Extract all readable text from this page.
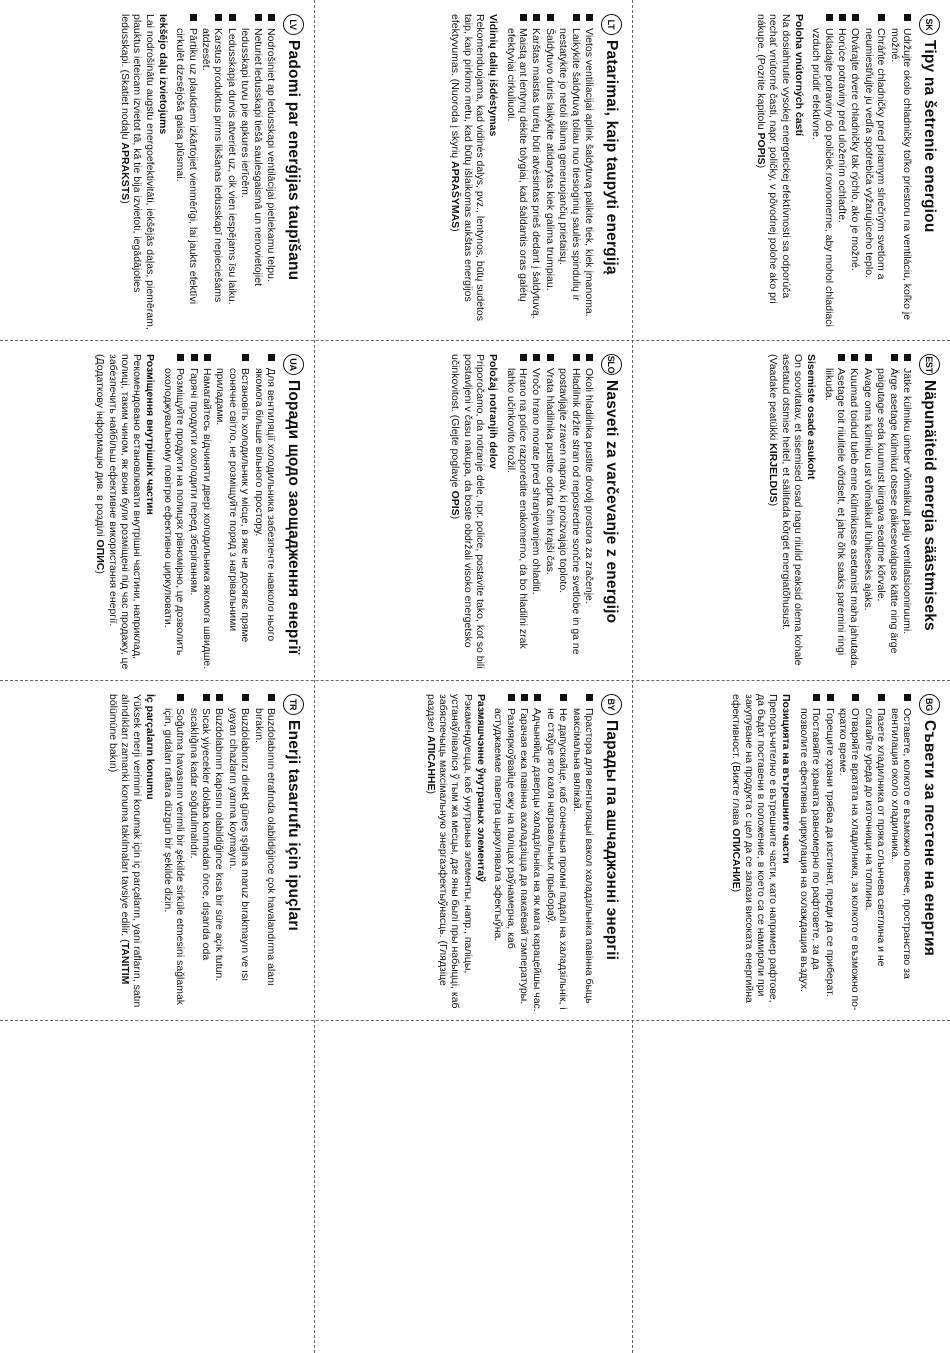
SK
Tipy na šetrenie energiou
Udržujte okolo chladničky toľko priestoru na ventiláciu, koľko je možné.
Chráňte chladničky pred priamym slnečným svetlom a neumiestňujte ju vedľa spotrebiča vyžarujúceho teplo.
Otvárajte dvere chladničky tak rýchlo, ako je možné.
Horúce potraviny pred uložením ochlaďte.
Ukladajte potraviny do poličiek rovnomerne, aby mohol chladiaci vzduch prúdiť efektívne.
Poloha vnútorných častí

Na dosiahnutie vysokej energetickej efektívnosti sa odporúča nechať vnútorné časti, napr. poličky, v pôvodnej polohe ako pri nákupe. (Pozrite kapitolu POPIS)

EST
Näpunäiteid energia säästmiseks
Jätke külmiku ümber võimalikult palju ventilatsiooniruumi.
Ärge asetage külmikut otsese päikesevalguse kätte ning ärge paigutage seda kuumust kiirgava seadme kõrvale.
Avage oma külmiku ust võimalikult lühikeseks ajaks.
Kuumad toidud tuleb enne külmikusse asetamist maha jahutada.
Asetage toit riiulitele võrdselt, et jahe õhk saaks paremini ringi liikuda.
Sisemiste osade asukoht

On soovitatav, et sisemised osad nagu riiulid peaksid olema kohale asetatud otsmise heitel, et säilitada kõrget energiatõhusust. (Vaadake peatükki KIRJELDUS)

BG
Съвети за пестене на енергия
Оставете, колкото е възможно повече, пространство за вентилация около хладилника.
Пазете хладилника от пряка слънчева светлина и не слагайте уреда до източници на топлина.
Отваряйте вратата на хладилника, за колкото е възможно по-кратко време.
Горещите храни трябва да изстинат, преди да се приберат.
Поставяйте храната равномерно по рафтовете, за да позволите ефективна циркулация на охлаждащия въздух.
Позицията на вътрешните части

Препоръчително е вътрешните части, като например рафтове, да бъдат поставени в положение, в което са се намирали при закупуване на продукта с цел да се запази високата енергийна ефективност. (Вижте глава ОПИСАНИЕ)

LT
Patarimai, kaip taupyti energiją
Vietos ventiliacijai aplink šaldytuvą palikite tiek, kiek įmanoma.
Laikykite šaldytuvą toliau nuo tiesioginių saulės spindulių ir nestatykite jo netoli šilumą generuojančių prietaisų.
Šaldytuvo duris laikykite atidarytas kiek galima trumpiau.
Karštas maistas turėtų būti atvėsintas prieš dedant į šaldytuvą.
Maistą ant lentynų dėkite tolygiai, kad šaldantis oras galėtų efektyviai cirkuliuoti.
Vidinių dalių išdėstymas

Rekomenduojama, kad vidinės dalys, pvz., lentynos, būtų sudėtos taip, kaip pirkimo metu, kad būtų išlaikomas aukštas energijos efektyvumas. (Nuoroda į skyrių APRAŠYMAS)

SLO
Nasveti za varčevanje z energijo
Okoli hladilnika pustite dovolj prostora za zračenje.
Hladilnik držite stran od neposredne sončne svetlobe in ga ne postavljajte zraven naprav, ki proizvajajo toploto.
Vrata hladilnika pustite odprta čim krajši čas.
Vročo hrano morate pred shranjevanjem ohladiti.
Hrano na police razporedite enakomerno, da bo hladilni zrak lahko učinkovito krožil.
Položaj notranjih delov

Priporočamo, da notranje dele, npr. police, postavite tako, kot so bili postavljeni v času nakupa, da boste obdržali visoko energetsko učinkovitost. (Glejte poglavje OPIS)

BY
Парады па ашчаджэнні энергіі
Прастора для вентыляцыі вакол халадзільніка павінна быць максімальна вялікай.
Не дапускайце, каб сонечныя промні падалі на халадзільнік, і не стаўце яго каля награвальных прыбораў.
Адчыняйце дзверцы халадзільніка на як мага карацейшы час.
Гарачая ежа павінна ахаладзіцца да пакаёвай тэмпературы.
Размяркоўвайце ежу на паліцах раўнамерна, каб астуджаемае паветра цыркулявала эфектыўна.
Размяшчэнне ўнутраных элементаў

Рэкамендуецца, каб унутраныя элементы, напр., паліцы, устанаўліваліся ў тым жа месцы, дзе яны былі пры набыцці, каб забяспечыць максімальную энергаэфектыўнасць. (Глядзіце раздзел АПІСАННЕ)

LV
Padomi par enerģijas taupīšanu
Nodrošiniet ap ledusskapi ventilācijai pietiekamu telpu.
Neturiet ledusskapi tiešā saulesgaismā un nenovietojiet ledusskapi tuvu pie apkures ierīcēm.
Ledusskapja durvis atveriet uz, cik vien iespējams īsu laiku.
Karstus produktus pirms likšanas ledusskapī nepieciešams atdzesēt.
Pārtiku uz plauktiem izkārtojiet vienmērīgi, lai jaukts efektīvi cirkulēt dzesējošā gaisa plūsmai.
Iekšējo daļu izvietojums

Lai nodrošinātu augstu energoefektivitāti, iekšējās daļas, piemēram, plauktus ieteicam izvietot tā, kā tie bija izvietoti, iegādājoties ledusskapi. (Skatiet nodaļu APRAKSTS)

UA
Поради щодо заощадження енергії
Для вентиляції холодильника забезпечте навколо нього якомога більше вільного простору.
Встановіть холодильник у місце, в яке не досягає пряме сонячне світло, не розміщуйте поряд з нагрівальними приладами.
Намагайтесь відчиняти двері холодильника якомога швидше.
Гарячі продукти охолодити перед зберіганням.
Розміщуйте продукти на полицях рівномірно, це дозволить охолоджувальному повітрю ефективно циркулювати.
Розміщення внутрішніх частин

Рекомендовано встановлювати внутрішні частини, наприклад, полиці, таким чином, як вони були розміщені під час продажу, це забезпечить найбільш ефективне використання енергії. (Додаткову інформацію див. в розділі ОПИС)

TR
Enerji tasarrufu için ipuçları
Buzdolabının etrafında olabildiğince çok havalandırma alanı bırakın.
Buzdolabınızı direkt güneş ışığına maruz bırakmayın ve ısı yayan cihazların yanına koymayın.
Buzdolabının kapısını olabildiğince kısa bir süre açık tutun.
Sıcak yiyecekler dolaba konmadan önce, dışarıda oda sıcaklığına kadar soğutulmalıdır.
Soğutma havasının verimli bir şekilde sirküle etmesini sağlamak için, gıdaları raflara düzgün bir şekilde dizin.
İç parçaların konumu

Yüksek enerji verimini korumak için iç parçaların, yani rafların, satın alındıkları zamanki konuma takılmaları tavsiye edilir. (TANITIM bölümüne bakın)
